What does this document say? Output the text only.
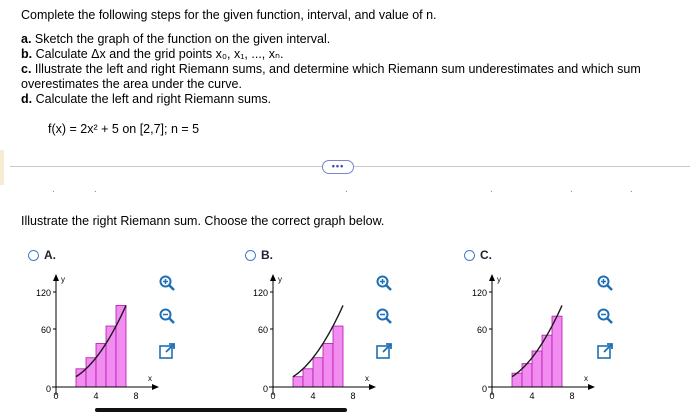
Complete the following steps for the given function, interval, and value of n.

a. Sketch the graph of the function on the given interval.

b. Calculate Δx and the grid points x₀, x₁, ..., xₙ.

c. Illustrate the left and right Riemann sums, and determine which Riemann sum underestimates and which sum overestimates the area under the curve.

d. Calculate the left and right Riemann sums.

f(x) = 2x² + 5 on [2,7]; n = 5
•••
.	.	.	.	.	.
Illustrate the right Riemann sum. Choose the correct graph below.
A.
120
60
0
0	4	8
x
y
B.
120
60
0
0	4	8
x
y
C.
120
60
0
0	4	8
x
y
